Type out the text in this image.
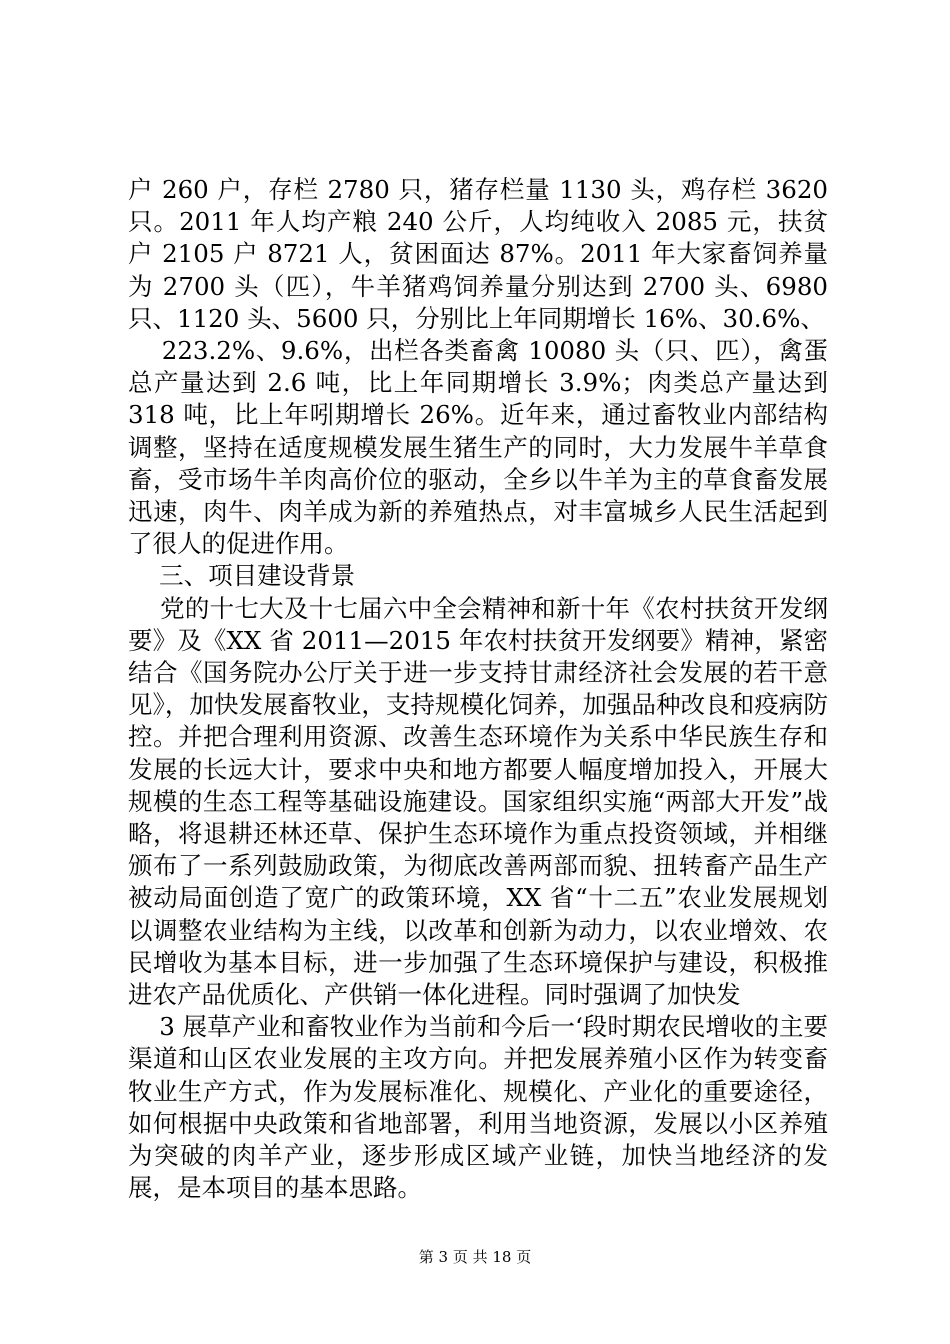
户 260 户，存栏 2780 只，猪存栏量 1130 头，鸡存栏 3620 只。2011 年人均产粮 240 公斤，人均纯收入 2085 元，扶贫户 2105 户 8721 人，贫困面达 87%。2011 年大家畜饲养量为 2700 头（匹），牛羊猪鸡饲养量分别达到 2700 头、6980 只、1120 头、5600 只，分别比上年同期增长 16%、30.6%、

223.2%、9.6%，出栏各类畜禽 10080 头（只、匹），禽蛋总产量达到 2.6 吨，比上年同期增长 3.9%；肉类总产量达到 318 吨，比上年吲期增长 26%。近年来，通过畜牧业内部结构调整，坚持在适度规模发展生猪生产的同时，大力发展牛羊草食畜，受市场牛羊肉高价位的驱动，全乡以牛羊为主的草食畜发展迅速，肉牛、肉羊成为新的养殖热点，对丰富城乡人民生活起到了很人的促进作用。

三、项目建设背景

党的十七大及十七届六中全会精神和新十年《农村扶贫开发纲要》及《XX 省 2011—2015 年农村扶贫开发纲要》精神，紧密结合《国务院办公厅关于进一步支持甘肃经济社会发展的若干意见》，加快发展畜牧业，支持规模化饲养，加强品种改良和疫病防控。并把合理利用资源、改善生态环境作为关系中华民族生存和发展的长远大计，要求中央和地方都要人幅度增加投入，开展大规模的生态工程等基础设施建设。国家组织实施“两部大开发”战略，将退耕还林还草、保护生态环境作为重点投资领域，并相继颁布了一系列鼓励政策，为彻底改善两部而貌、扭转畜产品生产被动局面创造了宽广的政策环境，XX 省“十二五”农业发展规划以调整农业结构为主线，以改革和创新为动力，以农业增效、农民增收为基本目标，进一步加强了生态环境保护与建设，积极推进农产品优质化、产供销一体化进程。同时强调了加快发

3 展草产业和畜牧业作为当前和今后一‘段时期农民增收的主要渠道和山区农业发展的主攻方向。并把发展养殖小区作为转变畜牧业生产方式，作为发展标准化、规模化、产业化的重要途径，如何根据中央政策和省地部署，利用当地资源，发展以小区养殖为突破的肉羊产业，逐步形成区域产业链，加快当地经济的发展，是本项目的基本思路。

第 3 页 共 18 页
